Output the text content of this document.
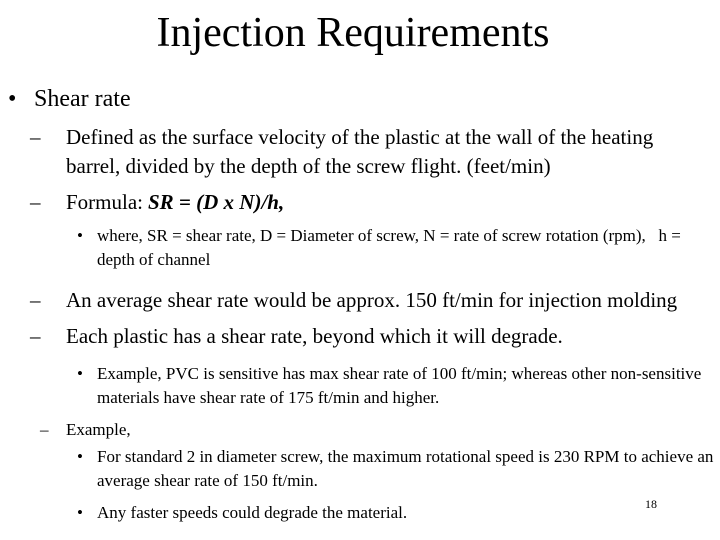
Injection Requirements
• Shear rate
– Defined as the surface velocity of the plastic at the wall of the heating barrel, divided by the depth of the screw flight. (feet/min)
– Formula: SR = (D x N)/h,
• where, SR = shear rate, D = Diameter of screw, N = rate of screw rotation (rpm),   h = depth of channel
– An average shear rate would be approx. 150 ft/min for injection molding
– Each plastic has a shear rate, beyond which it will degrade.
• Example, PVC is sensitive has max shear rate of 100 ft/min; whereas other non-sensitive materials have shear rate of 175 ft/min and higher.
– Example,
• For standard 2 in diameter screw, the maximum rotational speed is 230 RPM to achieve an average shear rate of 150 ft/min.
• Any faster speeds could degrade the material.	18
